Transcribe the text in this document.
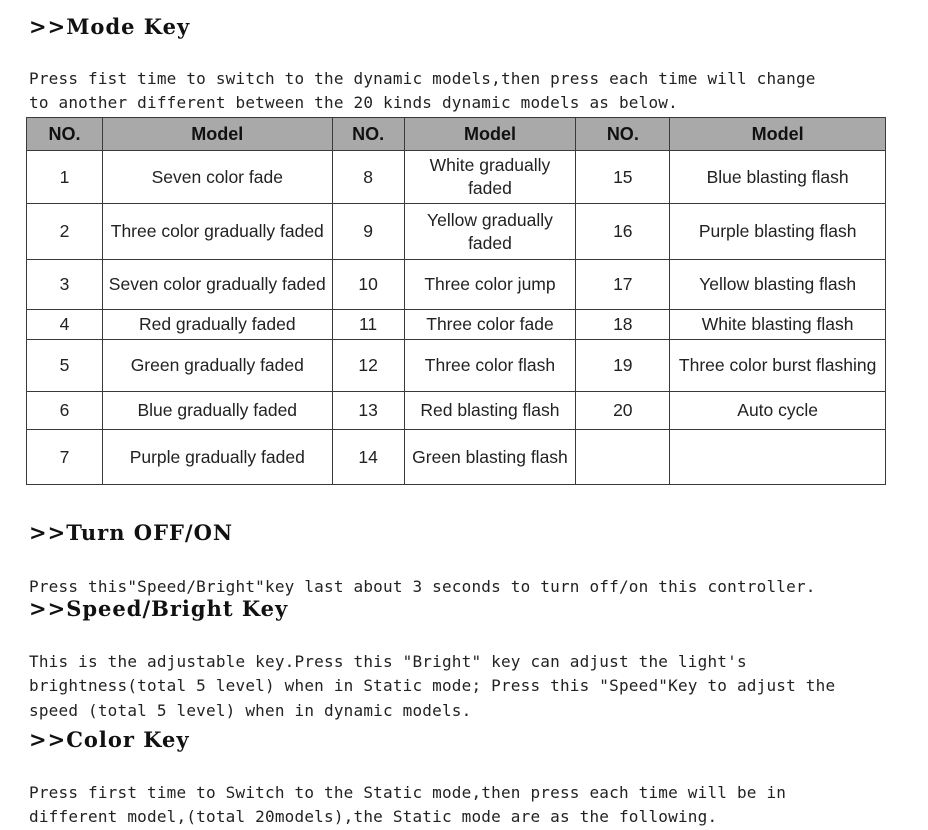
>>Mode Key

Press fist time to switch to the dynamic models,then press each time will change
to another different between the 20 kinds dynamic models as below.
NO.	Model	NO.	Model	NO.	Model
1	Seven color fade	8	White gradually faded	15	Blue blasting flash
2	Three color gradually faded	9	Yellow gradually faded	16	Purple blasting flash
3	Seven color gradually faded	10	Three color jump	17	Yellow blasting flash
4	Red gradually faded	11	Three color fade	18	White blasting flash
5	Green gradually faded	12	Three color flash	19	Three color burst flashing
6	Blue gradually faded	13	Red blasting flash	20	Auto cycle
7	Purple gradually faded	14	Green blasting flash		
>>Turn OFF/ON

Press this"Speed/Bright"key last about 3 seconds to turn off/on this controller.
>>Speed/Bright Key

This is the adjustable key.Press this "Bright" key can adjust the light's
brightness(total 5 level) when in Static mode; Press this "Speed"Key to adjust the
speed (total 5 level) when in dynamic models.
>>Color Key

Press first time to Switch to the Static mode,then press each time will be in
different model,(total 20models),the Static mode are as the following.
